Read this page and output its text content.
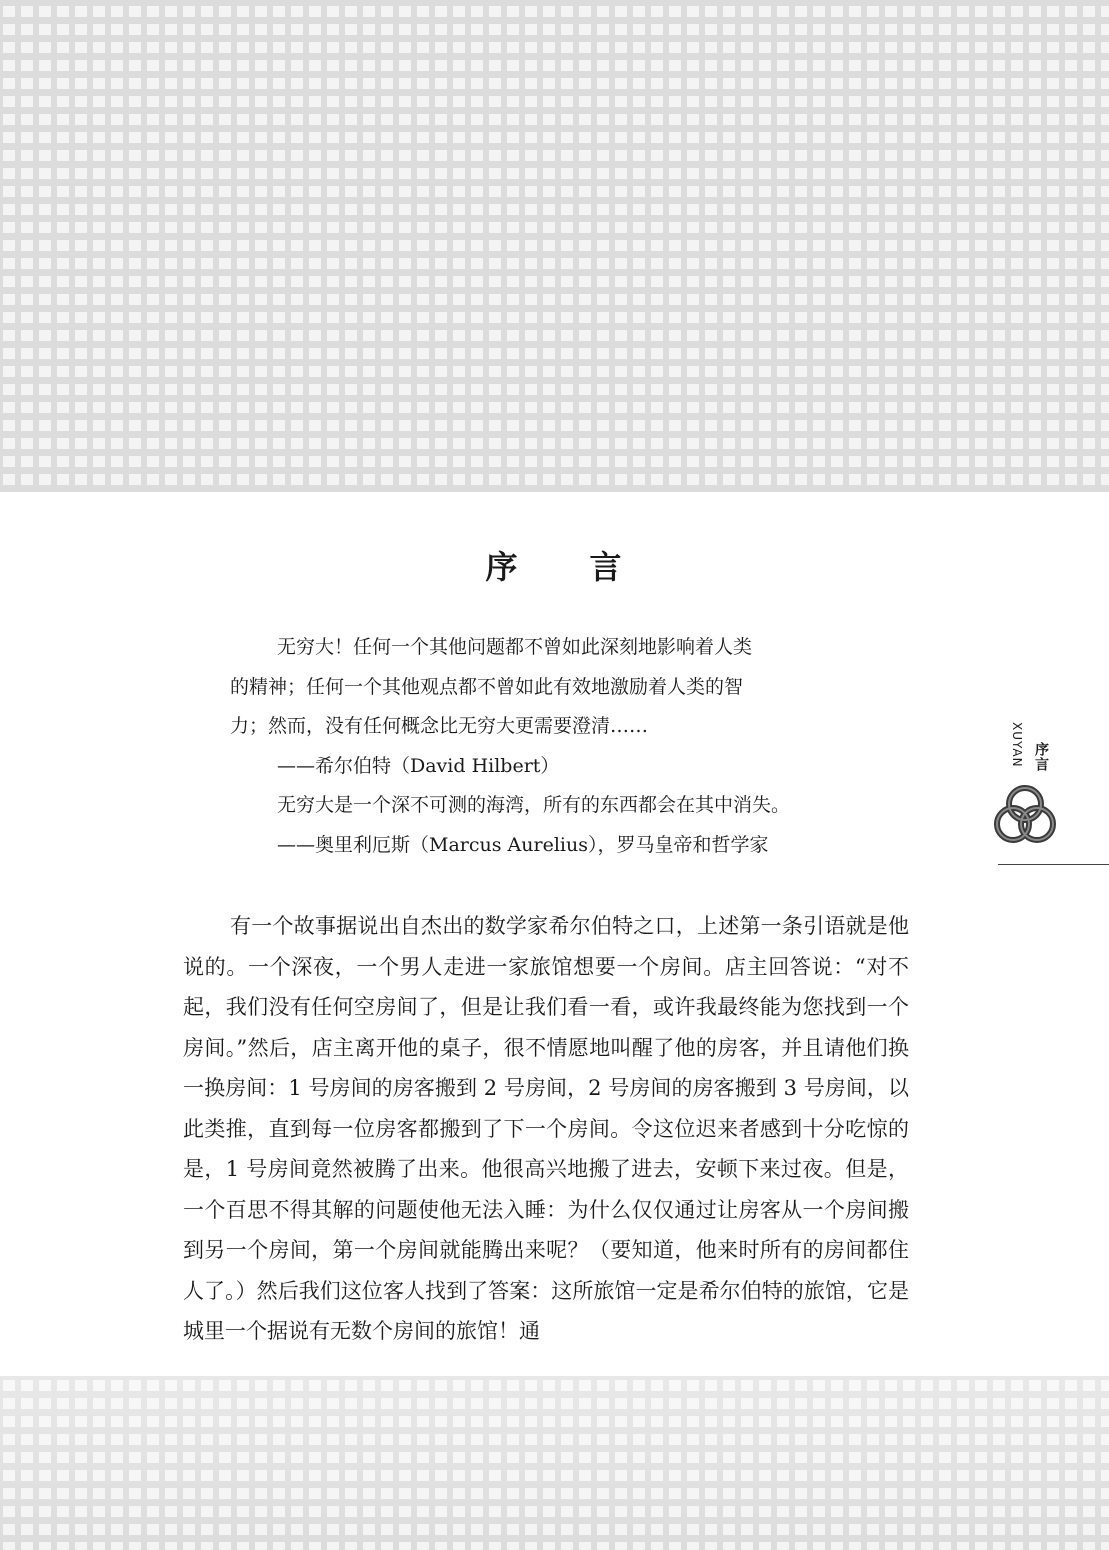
序 言
序言
XUYAN

无穷大！任何一个其他问题都不曾如此深刻地影响着人类

的精神；任何一个其他观点都不曾如此有效地激励着人类的智

力；然而，没有任何概念比无穷大更需要澄清……

——希尔伯特（David Hilbert）

无穷大是一个深不可测的海湾，所有的东西都会在其中消失。

——奥里利厄斯（Marcus Aurelius），罗马皇帝和哲学家

有一个故事据说出自杰出的数学家希尔伯特之口，上述第一条引语就是他说的。一个深夜，一个男人走进一家旅馆想要一个房间。店主回答说：“对不起，我们没有任何空房间了，但是让我们看一看，或许我最终能为您找到一个房间。”然后，店主离开他的桌子，很不情愿地叫醒了他的房客，并且请他们换一换房间：1 号房间的房客搬到 2 号房间，2 号房间的房客搬到 3 号房间，以此类推，直到每一位房客都搬到了下一个房间。令这位迟来者感到十分吃惊的是，1 号房间竟然被腾了出来。他很高兴地搬了进去，安顿下来过夜。但是，一个百思不得其解的问题使他无法入睡：为什么仅仅通过让房客从一个房间搬到另一个房间，第一个房间就能腾出来呢？（要知道，他来时所有的房间都住人了。）然后我们这位客人找到了答案：这所旅馆一定是希尔伯特的旅馆，它是城里一个据说有无数个房间的旅馆！通
